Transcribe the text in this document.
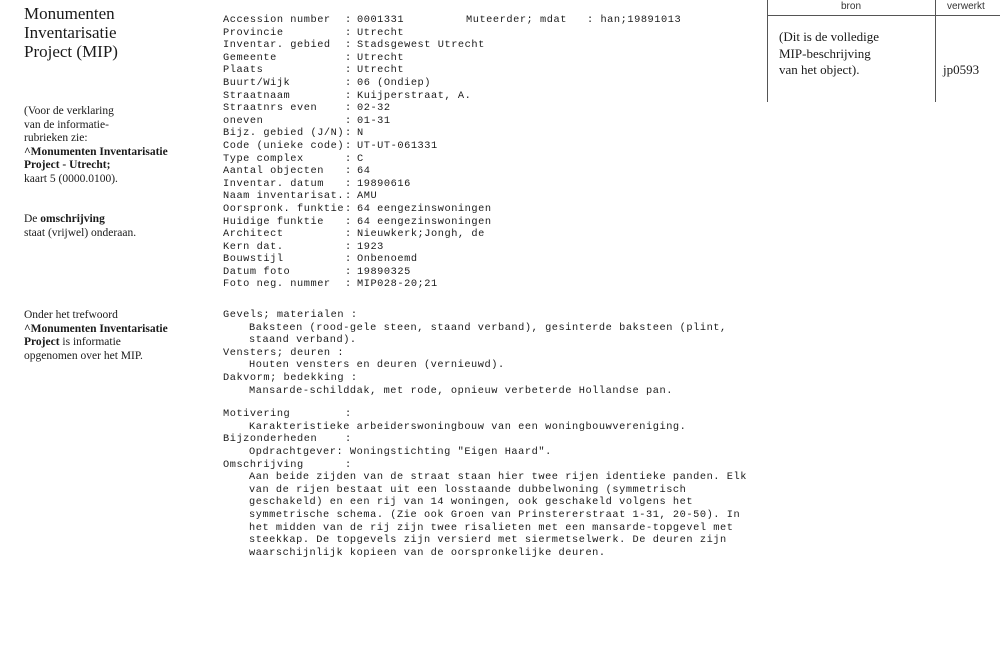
Monumenten
Inventarisatie
Project (MIP)
(Voor de verklaring
van de informatie-
rubrieken zie:
^Monumenten Inventarisatie
Project - Utrecht;
kaart 5 (0000.0100).
De omschrijving
staat (vrijwel) onderaan.
Onder het trefwoord
^Monumenten Inventarisatie
Project is informatie
opgenomen over het MIP.
Accession number : 0001331
Provincie	: Utrecht
Inventar. gebied : Stadsgewest Utrecht
Gemeente	: Utrecht
Plaats	: Utrecht
Buurt/Wijk	: 06 (Ondiep)
Straatnaam	: Kuijperstraat, A.
Straatnrs even	: 02-32
oneven	: 01-31
Bijz. gebied (J/N) : N
Code (unieke code) : UT-UT-061331
Type complex	: C
Aantal objecten : 64
Inventar. datum : 19890616
Naam inventarisat. : AMU
Oorspronk. funktie : 64 eengezinswoningen
Huidige funktie : 64 eengezinswoningen
Architect	: Nieuwkerk;Jongh, de
Kern dat.	: 1923
Bouwstijl	: Onbenoemd
Datum foto	: 19890325
Foto neg. nummer : MIP028-20;21
Muteerder; mdat : han;19891013
Gevels; materialen :
Baksteen (rood-gele steen, staand verband), gesinterde baksteen (plint,
staand verband).
Vensters; deuren :
Houten vensters en deuren (vernieuwd).
Dakvorm; bedekking :
Mansarde-schilddak, met rode, opnieuw verbeterde Hollandse pan.
Motivering	:
Karakteristieke arbeiderswoningbouw van een woningbouwvereniging.
Bijzonderheden	:
Opdrachtgever: Woningstichting "Eigen Haard".
Omschrijving	:
Aan beide zijden van de straat staan hier twee rijen identieke panden. Elk
van de rijen bestaat uit een losstaande dubbelwoning (symmetrisch
geschakeld) en een rij van 14 woningen, ook geschakeld volgens het
symmetrische schema. (Zie ook Groen van Prinstererstraat 1-31, 20-50). In
het midden van de rij zijn twee risalieten met een mansarde-topgevel met
steekkap. De topgevels zijn versierd met siermetselwerk. De deuren zijn
waarschijnlijk kopieen van de oorspronkelijke deuren.
bron	verwerkt
(Dit is de volledige
MIP-beschrijving
van het object).	jp0593
